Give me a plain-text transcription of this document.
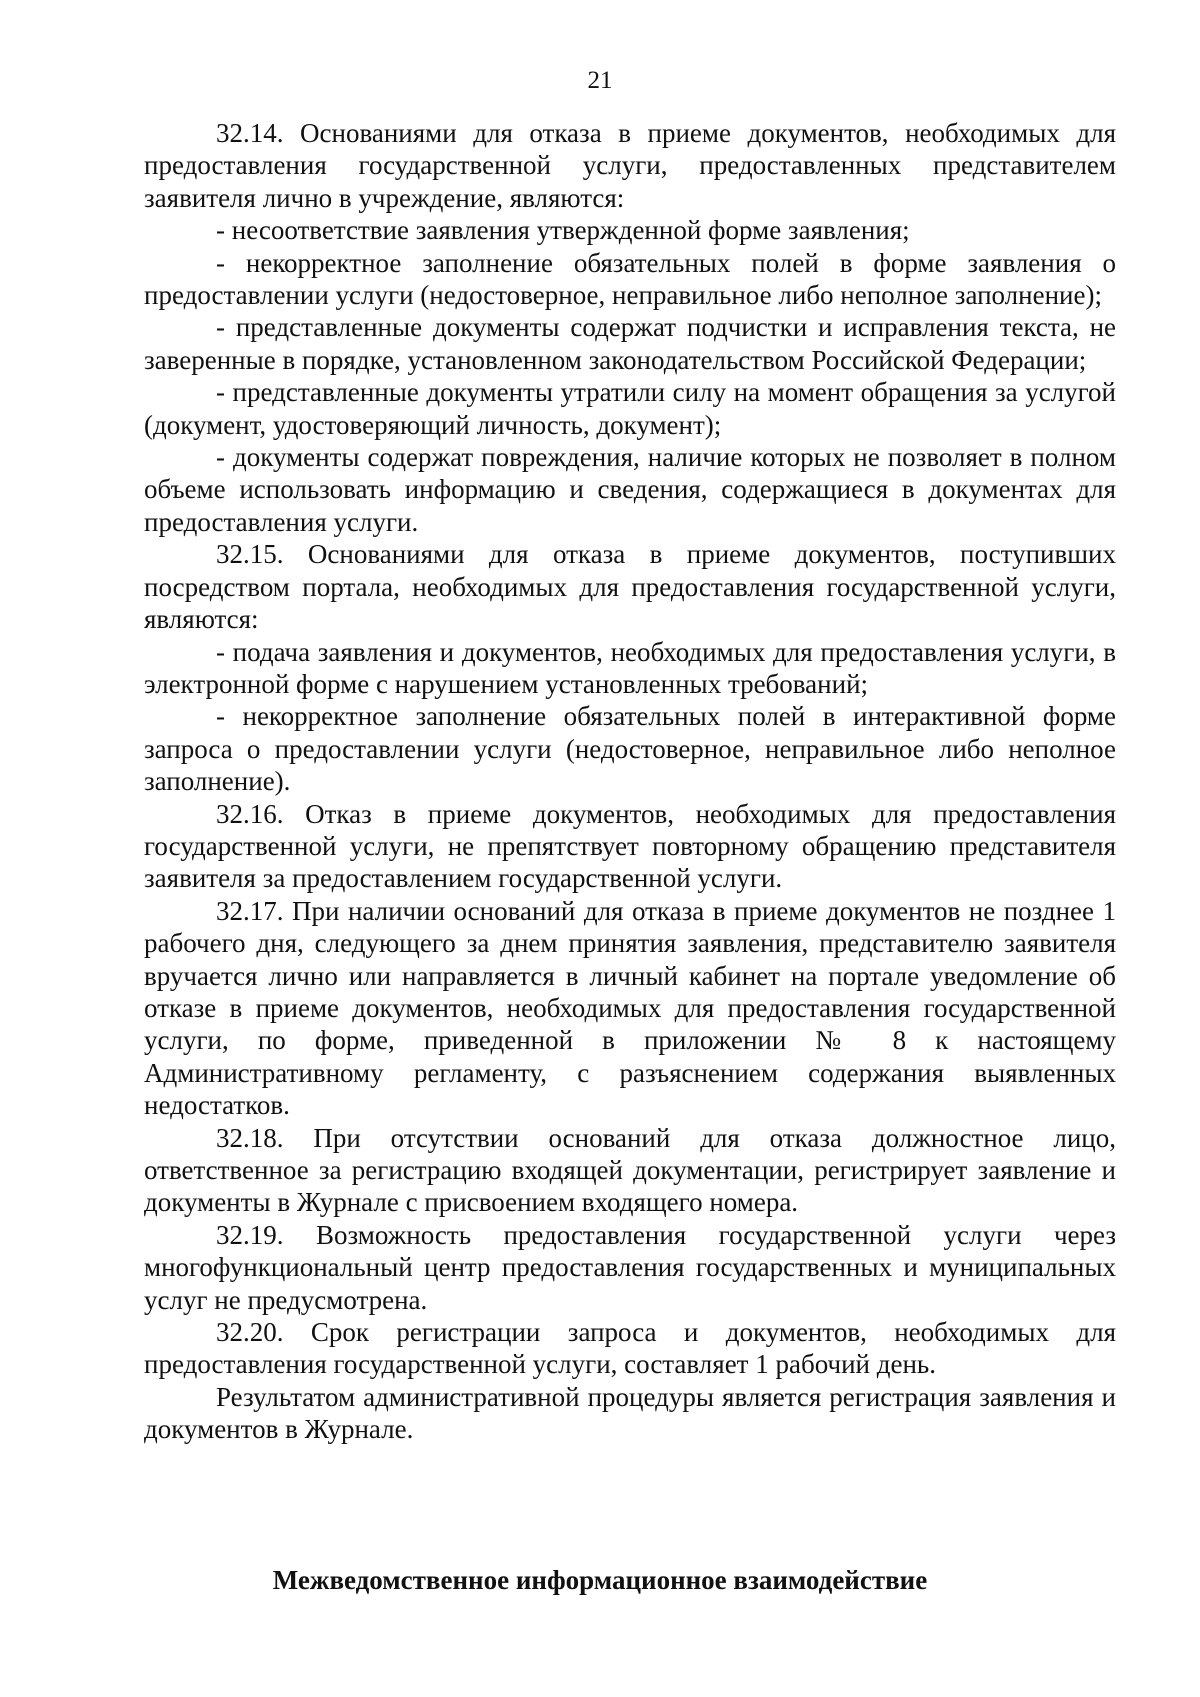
21

32.14. Основаниями для отказа в приеме документов, необходимых для предоставления государственной услуги, предоставленных представителем заявителя лично в учреждение, являются:

- несоответствие заявления утвержденной форме заявления;

- некорректное заполнение обязательных полей в форме заявления о предоставлении услуги (недостоверное, неправильное либо неполное заполнение);

- представленные документы содержат подчистки и исправления текста, не заверенные в порядке, установленном законодательством Российской Федерации;

- представленные документы утратили силу на момент обращения за услугой (документ, удостоверяющий личность, документ);

- документы содержат повреждения, наличие которых не позволяет в полном объеме использовать информацию и сведения, содержащиеся в документах для предоставления услуги.

32.15. Основаниями для отказа в приеме документов, поступивших посредством портала, необходимых для предоставления государственной услуги, являются:

- подача заявления и документов, необходимых для предоставления услуги, в электронной форме с нарушением установленных требований;

- некорректное заполнение обязательных полей в интерактивной форме запроса о предоставлении услуги (недостоверное, неправильное либо неполное заполнение).

32.16. Отказ в приеме документов, необходимых для предоставления государственной услуги, не препятствует повторному обращению представителя заявителя за предоставлением государственной услуги.

32.17. При наличии оснований для отказа в приеме документов не позднее 1 рабочего дня, следующего за днем принятия заявления, представителю заявителя вручается лично или направляется в личный кабинет на портале уведомление об отказе в приеме документов, необходимых для предоставления государственной услуги, по форме, приведенной в приложении № 8 к настоящему Административному регламенту, с разъяснением содержания выявленных недостатков.

32.18. При отсутствии оснований для отказа должностное лицо, ответственное за регистрацию входящей документации, регистрирует заявление и документы в Журнале с присвоением входящего номера.

32.19. Возможность предоставления государственной услуги через многофункциональный центр предоставления государственных и муниципальных услуг не предусмотрена.

32.20. Срок регистрации запроса и документов, необходимых для предоставления государственной услуги, составляет 1 рабочий день.

Результатом административной процедуры является регистрация заявления и документов в Журнале.

Межведомственное информационное взаимодействие
